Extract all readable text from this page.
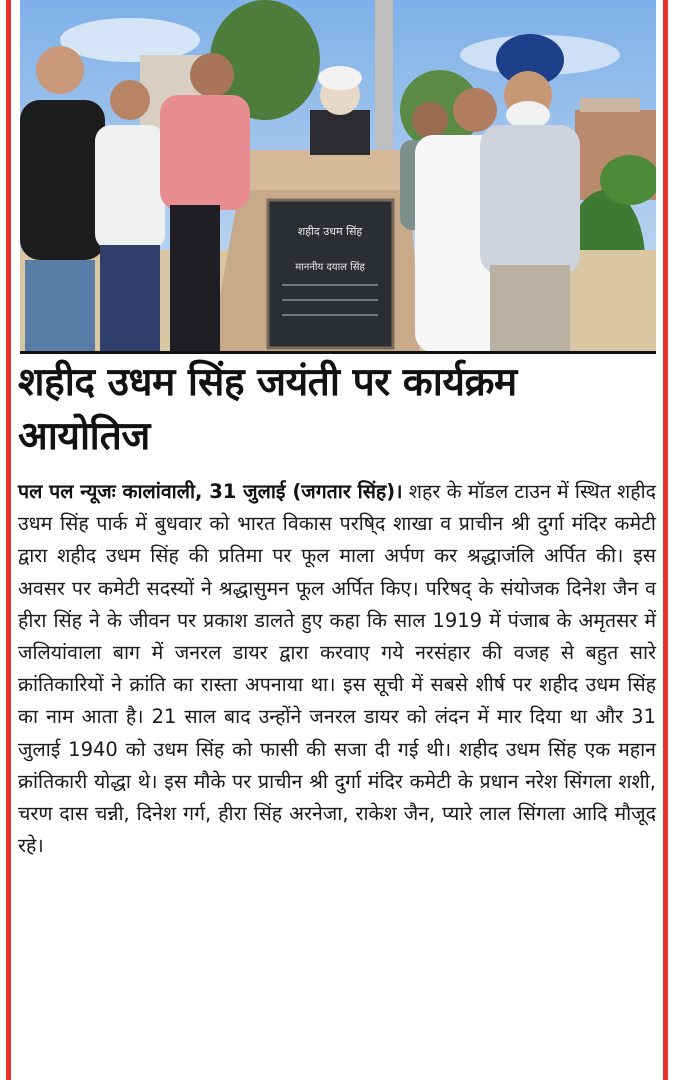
शहीद उधम सिंह
माननीय दयाल सिंह
शहीद उधम सिंह जयंती पर कार्यक्रम आयोतिज

पल पल न्यूजः कालांवाली, 31 जुलाई (जगतार सिंह)। शहर के मॉडल टाउन में स्थित शहीद उधम सिंह पार्क में बुधवार को भारत विकास परषि्द शाखा व प्राचीन श्री दुर्गा मंदिर कमेटी द्वारा शहीद उधम सिंह की प्रतिमा पर फूल माला अर्पण कर श्रद्धाजंलि अर्पित की। इस अवसर पर कमेटी सदस्यों ने श्रद्धासुमन फूल अर्पित किए। परिषद् के संयोजक दिनेश जैन व हीरा सिंह ने के जीवन पर प्रकाश डालते हुए कहा कि साल 1919 में पंजाब के अमृतसर में जलियांवाला बाग में जनरल डायर द्वारा करवाए गये नरसंहार की वजह से बहुत सारे क्रांतिकारियों ने क्रांति का रास्ता अपनाया था। इस सूची में सबसे शीर्ष पर शहीद उधम सिंह का नाम आता है। 21 साल बाद उन्होंने जनरल डायर को लंदन में मार दिया था और 31 जुलाई 1940 को उधम सिंह को फासी की सजा दी गई थी। शहीद उधम सिंह एक महान क्रांतिकारी योद्धा थे। इस मौके पर प्राचीन श्री दुर्गा मंदिर कमेटी के प्रधान नरेश सिंगला शशी, चरण दास चन्नी, दिनेश गर्ग, हीरा सिंह अरनेजा, राकेश जैन, प्यारे लाल सिंगला आदि मौजूद रहे।
